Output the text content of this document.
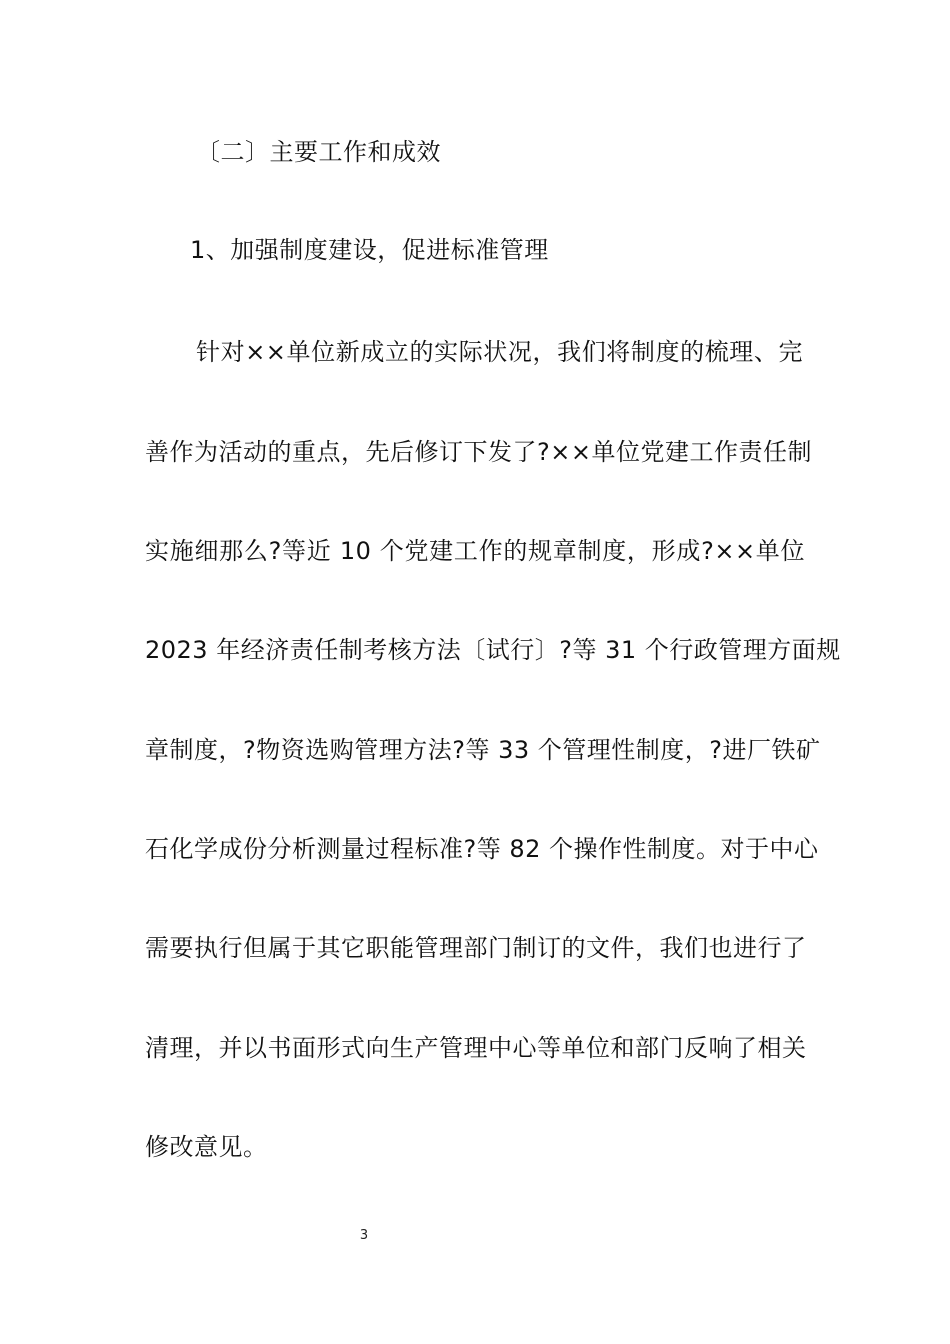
〔二〕主要工作和成效

1、加强制度建设，促进标准管理

针对××单位新成立的实际状况，我们将制度的梳理、完

善作为活动的重点，先后修订下发了?××单位党建工作责任制

实施细那么?等近 10 个党建工作的规章制度，形成?××单位

2023 年经济责任制考核方法〔试行〕?等 31 个行政管理方面规

章制度，?物资选购管理方法?等 33 个管理性制度，?进厂铁矿

石化学成份分析测量过程标准?等 82 个操作性制度。对于中心

需要执行但属于其它职能管理部门制订的文件，我们也进行了

清理，并以书面形式向生产管理中心等单位和部门反响了相关

修改意见。

3
